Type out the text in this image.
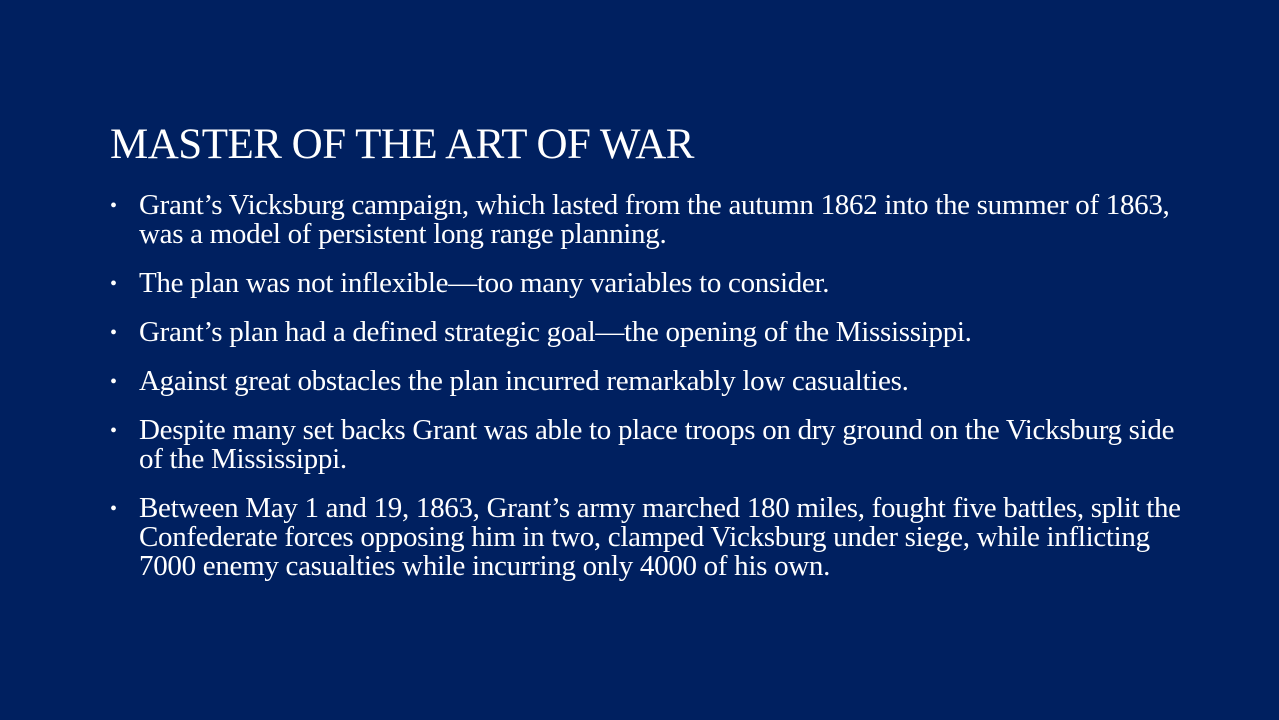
MASTER OF THE ART OF WAR
• Grant’s Vicksburg campaign, which lasted from the autumn 1862 into the summer of 1863, was a model of persistent long range planning.
• The plan was not inflexible—too many variables to consider.
• Grant’s plan had a defined strategic goal—the opening of the Mississippi.
• Against great obstacles the plan incurred remarkably low casualties.
• Despite many set backs Grant was able to place troops on dry ground on the Vicksburg side of the Mississippi.
• Between May 1 and 19, 1863, Grant’s army marched 180 miles, fought five battles, split the Confederate forces opposing him in two, clamped Vicksburg under siege, while inflicting 7000 enemy casualties while incurring only 4000 of his own.
